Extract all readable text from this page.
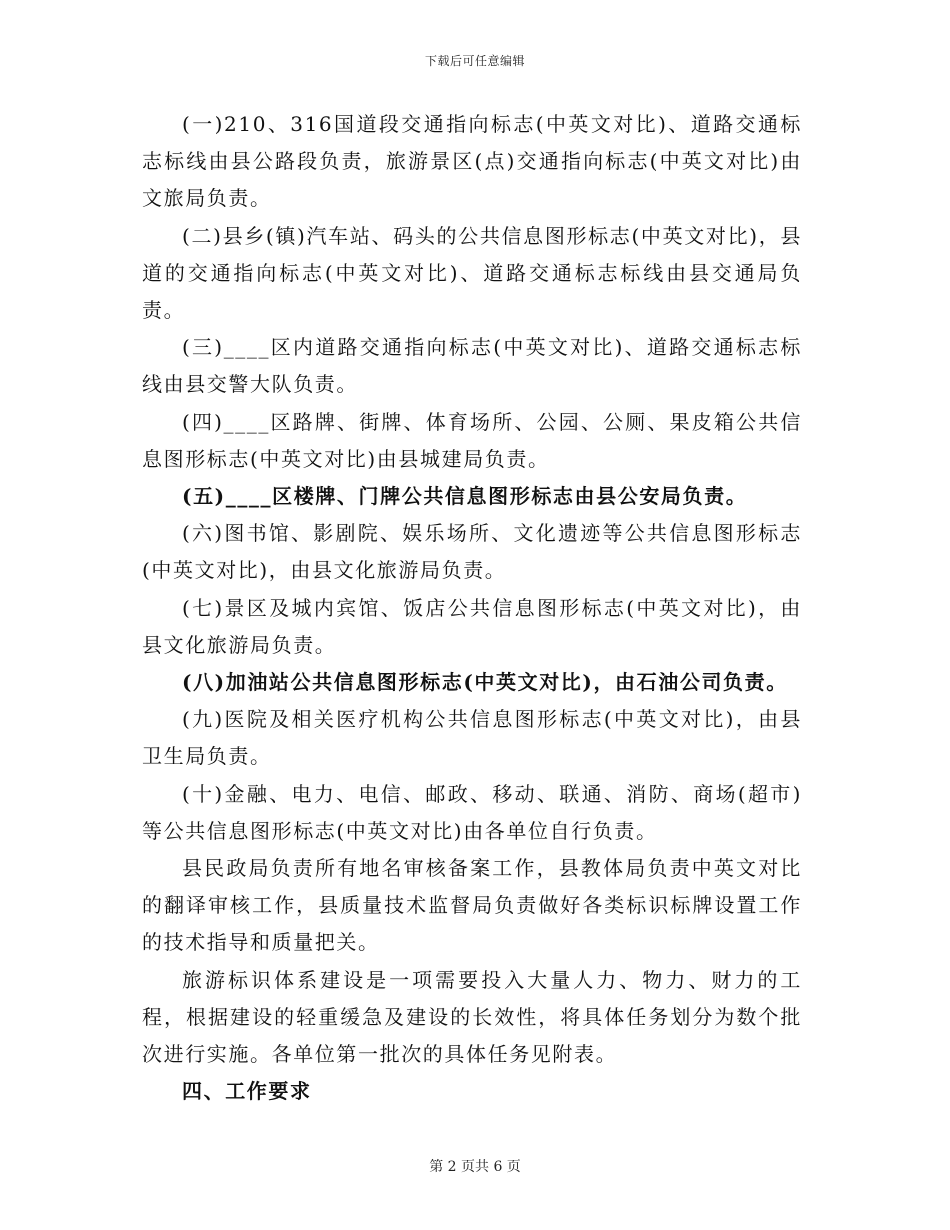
下载后可任意编辑

(一)210、316国道段交通指向标志(中英文对比)、道路交通标志标线由县公路段负责，旅游景区(点)交通指向标志(中英文对比)由文旅局负责。

(二)县乡(镇)汽车站、码头的公共信息图形标志(中英文对比)，县道的交通指向标志(中英文对比)、道路交通标志标线由县交通局负责。

(三)____区内道路交通指向标志(中英文对比)、道路交通标志标线由县交警大队负责。

(四)____区路牌、街牌、体育场所、公园、公厕、果皮箱公共信息图形标志(中英文对比)由县城建局负责。

(五)____区楼牌、门牌公共信息图形标志由县公安局负责。

(六)图书馆、影剧院、娱乐场所、文化遗迹等公共信息图形标志(中英文对比)，由县文化旅游局负责。

(七)景区及城内宾馆、饭店公共信息图形标志(中英文对比)，由县文化旅游局负责。

(八)加油站公共信息图形标志(中英文对比)，由石油公司负责。

(九)医院及相关医疗机构公共信息图形标志(中英文对比)，由县卫生局负责。

(十)金融、电力、电信、邮政、移动、联通、消防、商场(超市)等公共信息图形标志(中英文对比)由各单位自行负责。

县民政局负责所有地名审核备案工作，县教体局负责中英文对比的翻译审核工作，县质量技术监督局负责做好各类标识标牌设置工作的技术指导和质量把关。

旅游标识体系建设是一项需要投入大量人力、物力、财力的工程，根据建设的轻重缓急及建设的长效性，将具体任务划分为数个批次进行实施。各单位第一批次的具体任务见附表。

四、工作要求

第 2 页共 6 页
